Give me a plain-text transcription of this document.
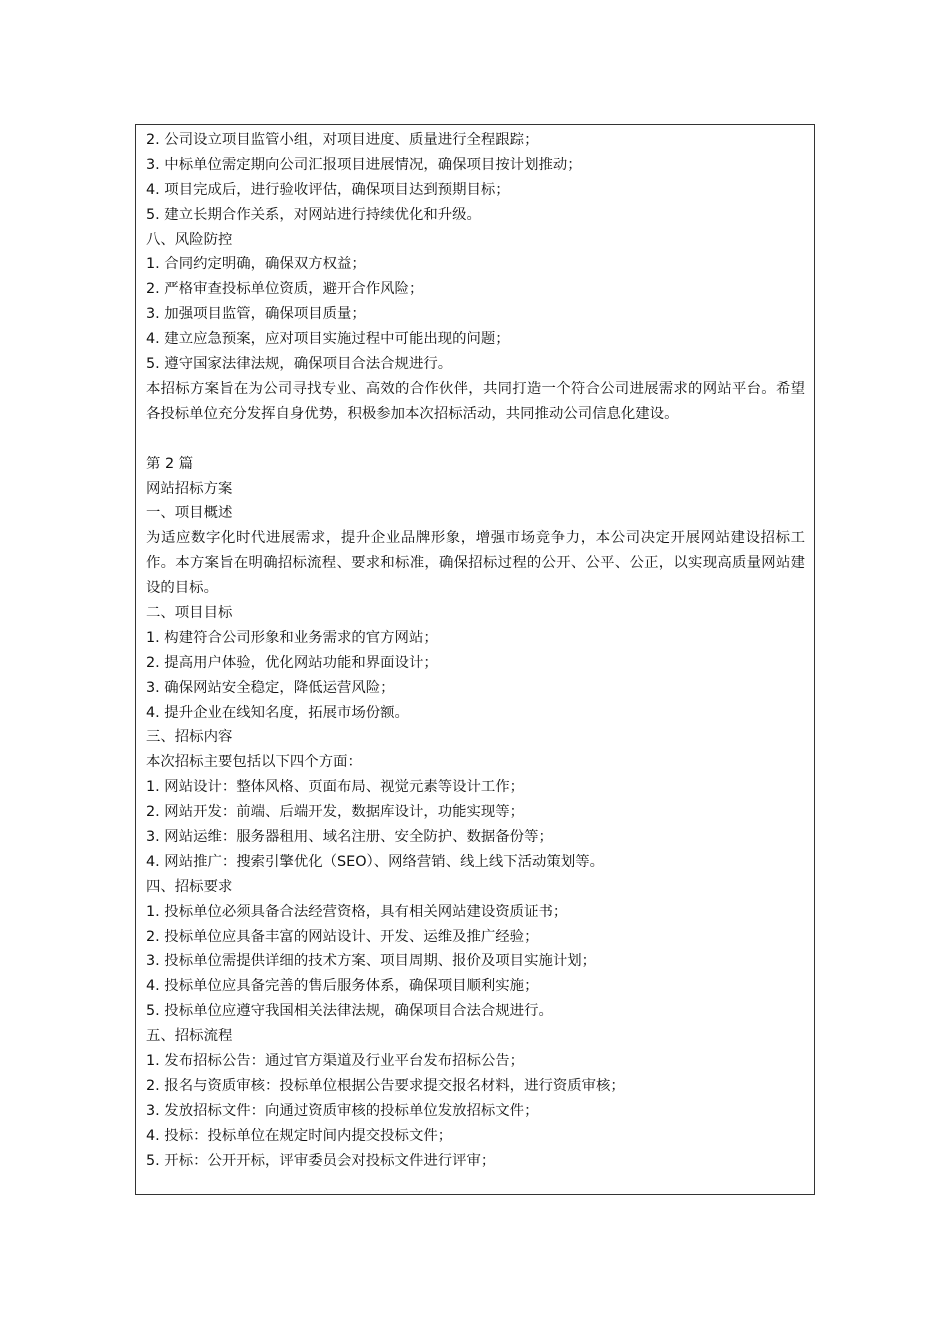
2. 公司设立项目监管小组，对项目进度、质量进行全程跟踪；
3. 中标单位需定期向公司汇报项目进展情况，确保项目按计划推动；
4. 项目完成后，进行验收评估，确保项目达到预期目标；
5. 建立长期合作关系，对网站进行持续优化和升级。
八、风险防控
1. 合同约定明确，确保双方权益；
2. 严格审查投标单位资质，避开合作风险；
3. 加强项目监管，确保项目质量；
4. 建立应急预案，应对项目实施过程中可能出现的问题；
5. 遵守国家法律法规，确保项目合法合规进行。
本招标方案旨在为公司寻找专业、高效的合作伙伴，共同打造一个符合公司进展需求的网站平台。希望各投标单位充分发挥自身优势，积极参加本次招标活动，共同推动公司信息化建设。
第 2 篇
网站招标方案
一、项目概述
为适应数字化时代进展需求，提升企业品牌形象，增强市场竞争力，本公司决定开展网站建设招标工作。本方案旨在明确招标流程、要求和标准，确保招标过程的公开、公平、公正，以实现高质量网站建设的目标。
二、项目目标
1. 构建符合公司形象和业务需求的官方网站；
2. 提高用户体验，优化网站功能和界面设计；
3. 确保网站安全稳定，降低运营风险；
4. 提升企业在线知名度，拓展市场份额。
三、招标内容
本次招标主要包括以下四个方面：
1. 网站设计：整体风格、页面布局、视觉元素等设计工作；
2. 网站开发：前端、后端开发，数据库设计，功能实现等；
3. 网站运维：服务器租用、域名注册、安全防护、数据备份等；
4. 网站推广：搜索引擎优化（SEO）、网络营销、线上线下活动策划等。
四、招标要求
1. 投标单位必须具备合法经营资格，具有相关网站建设资质证书；
2. 投标单位应具备丰富的网站设计、开发、运维及推广经验；
3. 投标单位需提供详细的技术方案、项目周期、报价及项目实施计划；
4. 投标单位应具备完善的售后服务体系，确保项目顺利实施；
5. 投标单位应遵守我国相关法律法规，确保项目合法合规进行。
五、招标流程
1. 发布招标公告：通过官方渠道及行业平台发布招标公告；
2. 报名与资质审核：投标单位根据公告要求提交报名材料，进行资质审核；
3. 发放招标文件：向通过资质审核的投标单位发放招标文件；
4. 投标：投标单位在规定时间内提交投标文件；
5. 开标：公开开标，评审委员会对投标文件进行评审；
